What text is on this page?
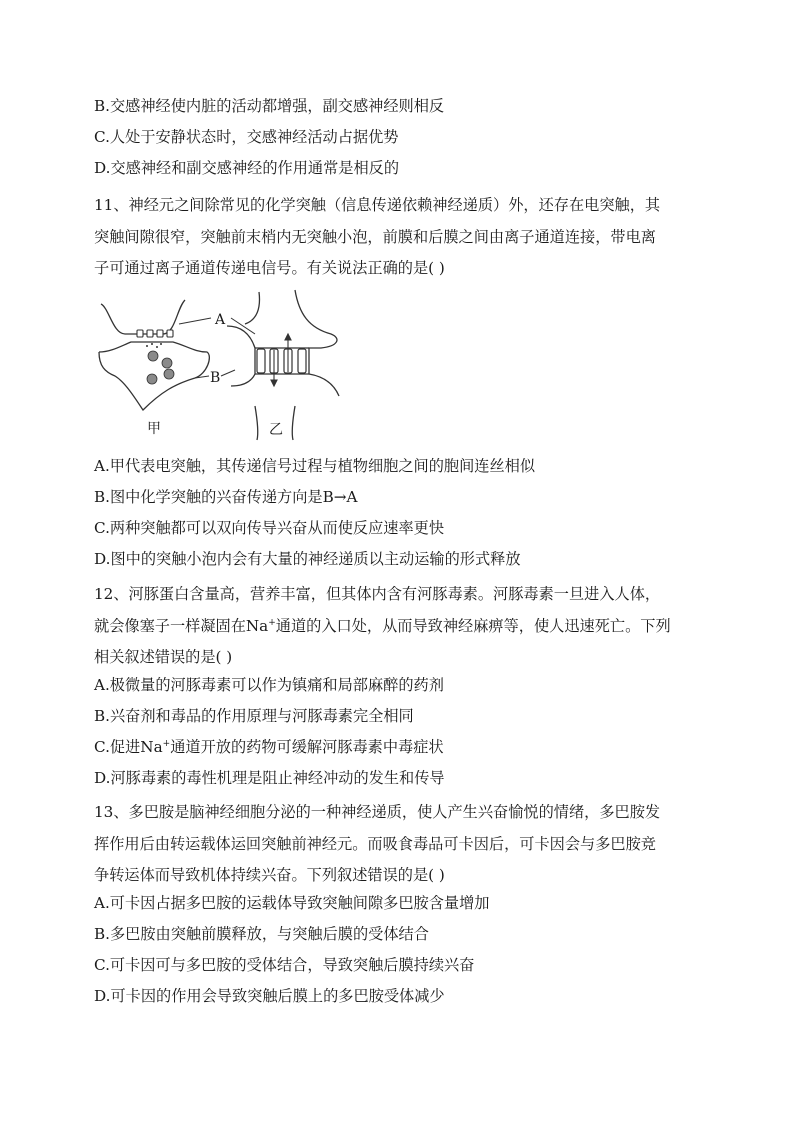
B.交感神经使内脏的活动都增强，副交感神经则相反
C.人处于安静状态时，交感神经活动占据优势
D.交感神经和副交感神经的作用通常是相反的

11、神经元之间除常见的化学突触（信息传递依赖神经递质）外，还存在电突触，其

突触间隙很窄，突触前末梢内无突触小泡，前膜和后膜之间由离子通道连接，带电离

子可通过离子通道传递电信号。有关说法正确的是( )

A
B
甲	乙
A.甲代表电突触，其传递信号过程与植物细胞之间的胞间连丝相似
B.图中化学突触的兴奋传递方向是B→A
C.两种突触都可以双向传导兴奋从而使反应速率更快
D.图中的突触小泡内会有大量的神经递质以主动运输的形式释放

12、河豚蛋白含量高，营养丰富，但其体内含有河豚毒素。河豚毒素一旦进入人体，

就会像塞子一样凝固在Na+通道的入口处，从而导致神经麻痹等，使人迅速死亡。下列

相关叙述错误的是( )

A.极微量的河豚毒素可以作为镇痛和局部麻醉的药剂
B.兴奋剂和毒品的作用原理与河豚毒素完全相同
C.促进Na+通道开放的药物可缓解河豚毒素中毒症状
D.河豚毒素的毒性机理是阻止神经冲动的发生和传导

13、多巴胺是脑神经细胞分泌的一种神经递质，使人产生兴奋愉悦的情绪，多巴胺发

挥作用后由转运载体运回突触前神经元。而吸食毒品可卡因后，可卡因会与多巴胺竞

争转运体而导致机体持续兴奋。下列叙述错误的是( )

A.可卡因占据多巴胺的运载体导致突触间隙多巴胺含量增加
B.多巴胺由突触前膜释放，与突触后膜的受体结合
C.可卡因可与多巴胺的受体结合，导致突触后膜持续兴奋
D.可卡因的作用会导致突触后膜上的多巴胺受体减少
